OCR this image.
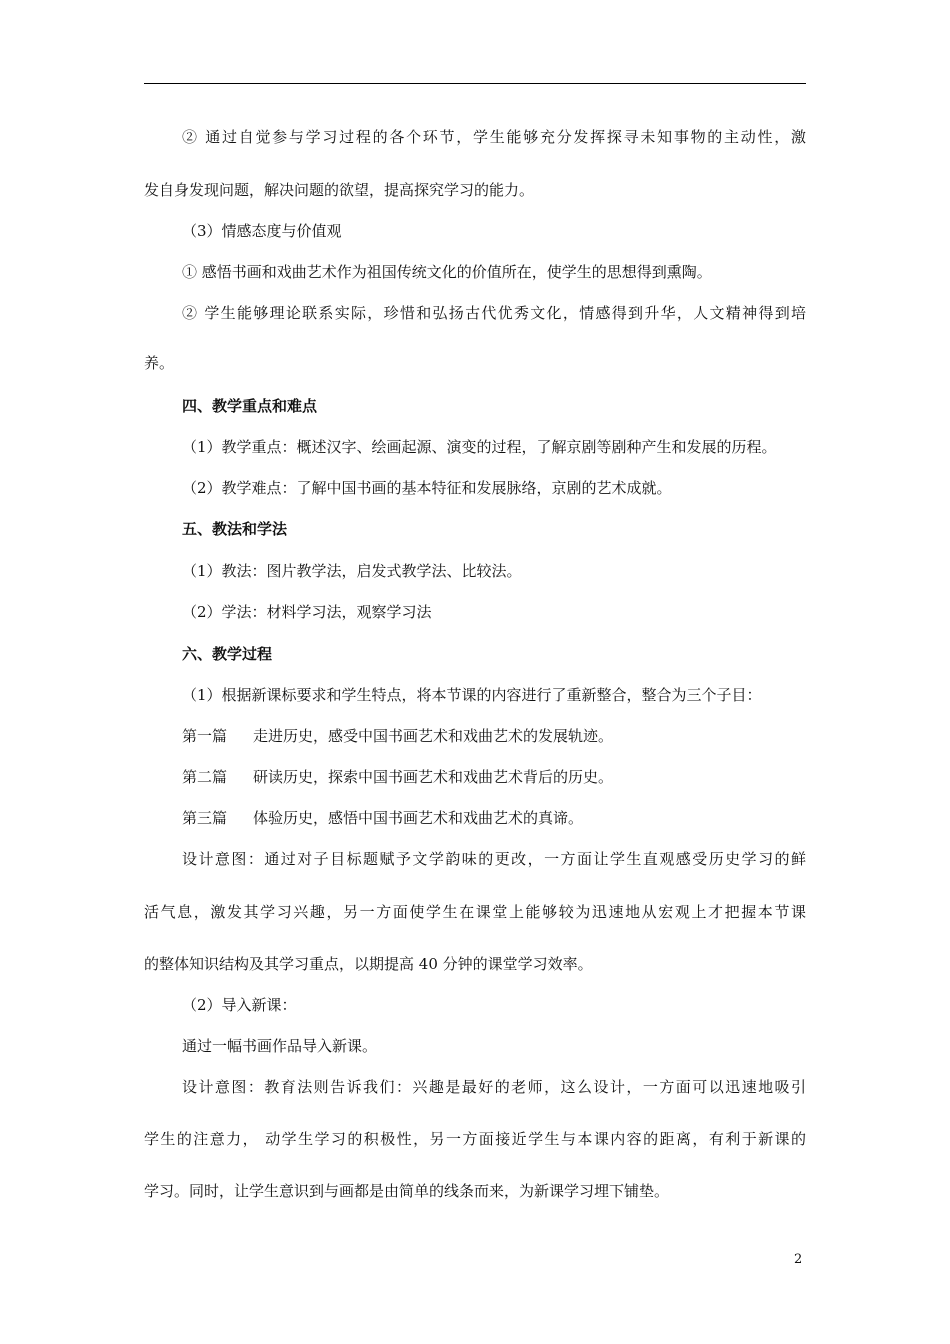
② 通过自觉参与学习过程的各个环节，学生能够充分发挥探寻未知事物的主动性，激
发自身发现问题，解决问题的欲望，提高探究学习的能力。
（3）情感态度与价值观
① 感悟书画和戏曲艺术作为祖国传统文化的价值所在，使学生的思想得到熏陶。
② 学生能够理论联系实际，珍惜和弘扬古代优秀文化，情感得到升华，人文精神得到培
养。
四、教学重点和难点
（1）教学重点：概述汉字、绘画起源、演变的过程，了解京剧等剧种产生和发展的历程。
（2）教学难点：了解中国书画的基本特征和发展脉络，京剧的艺术成就。
五、教法和学法
（1）教法：图片教学法，启发式教学法、比较法。
（2）学法：材料学习法，观察学习法
六、教学过程
（1）根据新课标要求和学生特点，将本节课的内容进行了重新整合，整合为三个子目：
第一篇 走进历史，感受中国书画艺术和戏曲艺术的发展轨迹。
第二篇 研读历史，探索中国书画艺术和戏曲艺术背后的历史。
第三篇 体验历史，感悟中国书画艺术和戏曲艺术的真谛。
设计意图：通过对子目标题赋予文学韵味的更改，一方面让学生直观感受历史学习的鲜
活气息，激发其学习兴趣，另一方面使学生在课堂上能够较为迅速地从宏观上才把握本节课
的整体知识结构及其学习重点，以期提高 40 分钟的课堂学习效率。
（2）导入新课：
通过一幅书画作品导入新课。
设计意图：教育法则告诉我们：兴趣是最好的老师，这么设计，一方面可以迅速地吸引
学生的注意力， 动学生学习的积极性，另一方面接近学生与本课内容的距离，有利于新课的
学习。同时，让学生意识到与画都是由简单的线条而来，为新课学习埋下铺垫。
2
